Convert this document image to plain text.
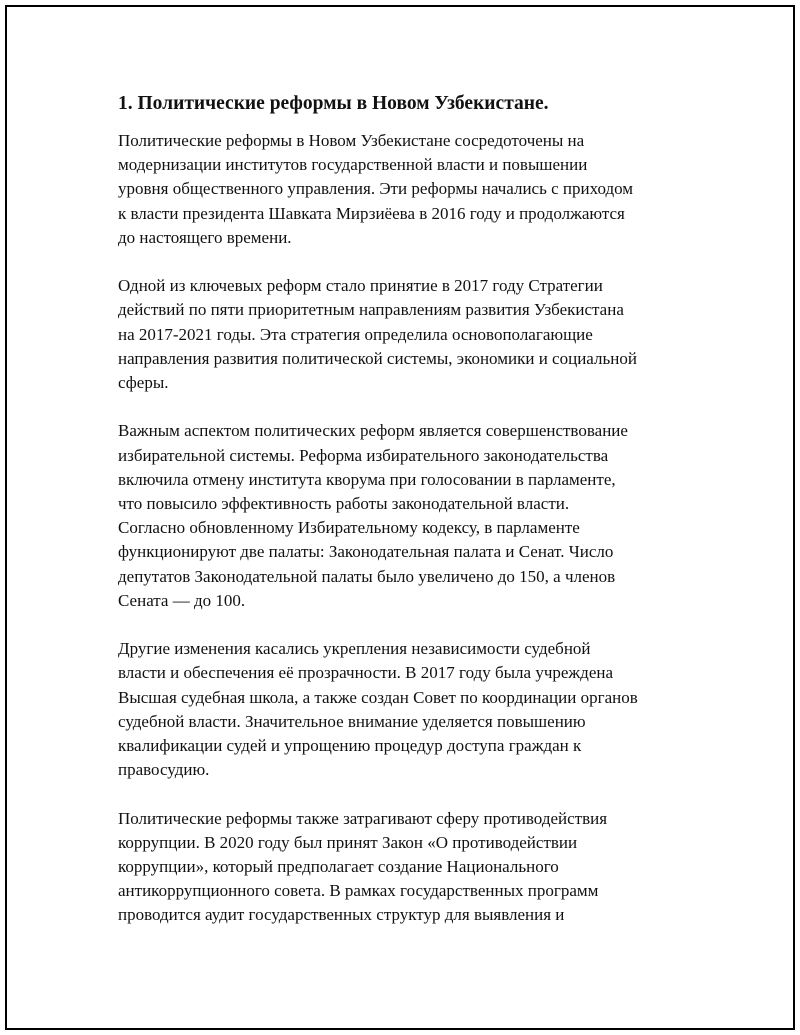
1. Политические реформы в Новом Узбекистане.

Политические реформы в Новом Узбекистане сосредоточены на
модернизации институтов государственной власти и повышении
уровня общественного управления. Эти реформы начались с приходом
к власти президента Шавката Мирзиёева в 2016 году и продолжаются
до настоящего времени.

Одной из ключевых реформ стало принятие в 2017 году Стратегии
действий по пяти приоритетным направлениям развития Узбекистана
на 2017-2021 годы. Эта стратегия определила основополагающие
направления развития политической системы, экономики и социальной
сферы.

Важным аспектом политических реформ является совершенствование
избирательной системы. Реформа избирательного законодательства
включила отмену института кворума при голосовании в парламенте,
что повысило эффективность работы законодательной власти.
Согласно обновленному Избирательному кодексу, в парламенте
функционируют две палаты: Законодательная палата и Сенат. Число
депутатов Законодательной палаты было увеличено до 150, а членов
Сената — до 100.

Другие изменения касались укрепления независимости судебной
власти и обеспечения её прозрачности. В 2017 году была учреждена
Высшая судебная школа, а также создан Совет по координации органов
судебной власти. Значительное внимание уделяется повышению
квалификации судей и упрощению процедур доступа граждан к
правосудию.

Политические реформы также затрагивают сферу противодействия
коррупции. В 2020 году был принят Закон «О противодействии
коррупции», который предполагает создание Национального
антикоррупционного совета. В рамках государственных программ
проводится аудит государственных структур для выявления и
